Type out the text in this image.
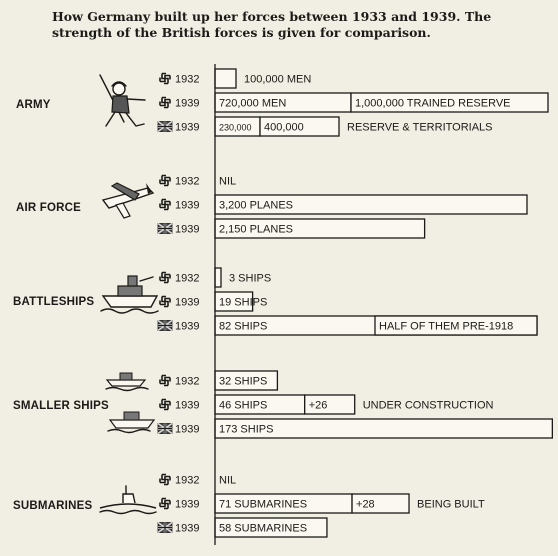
How Germany built up her forces between 1933 and 1939. The strength of the British forces is given for comparison.
ARMY
1932	100,000 MEN
1939 720,000 MEN	1,000,000 TRAINED RESERVE
1939 230,000 400,000	RESERVE & TERRITORIALS
AIR FORCE
1932 NIL
1939 3,200 PLANES
1939 2,150 PLANES
BATTLESHIPS
1932	3 SHIPS
1939 19 SHIPS
1939 82 SHIPS	HALF OF THEM PRE-1918
SMALLER SHIPS
1932 32 SHIPS
1939 46 SHIPS	+26	UNDER CONSTRUCTION
1939 173 SHIPS
SUBMARINES
1932 NIL
1939 71 SUBMARINES	+28	BEING BUILT
1939 58 SUBMARINES
